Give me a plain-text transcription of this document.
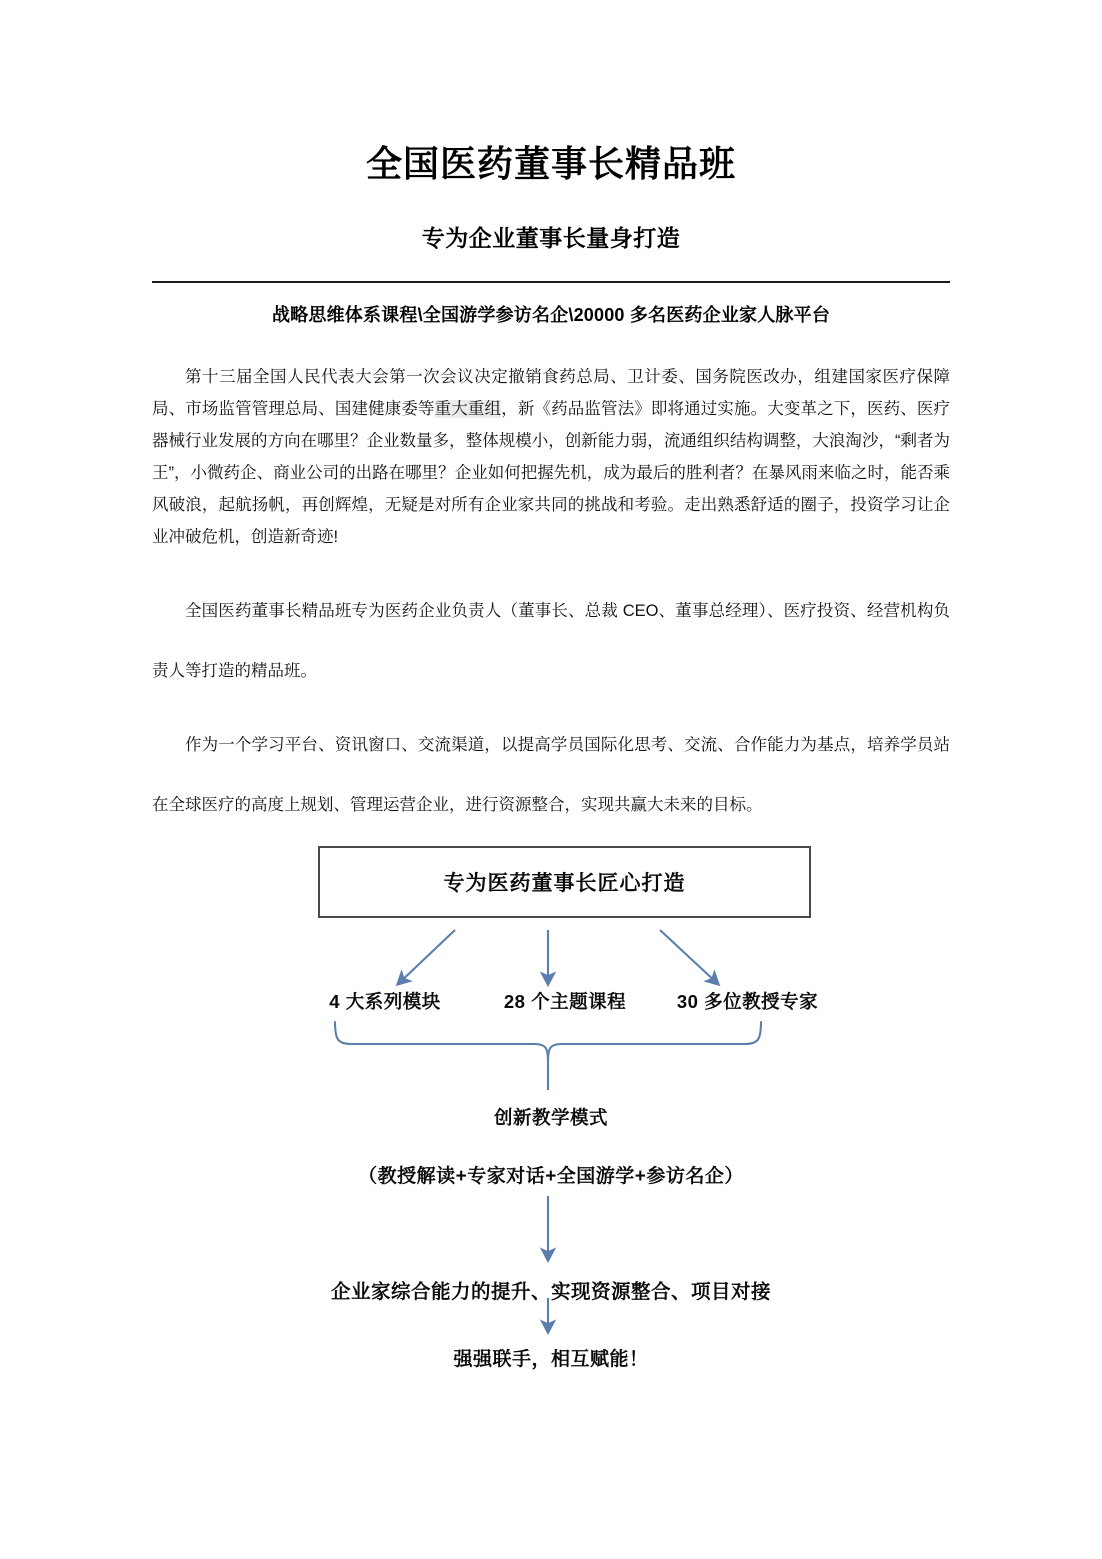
全国医药董事长精品班
专为企业董事长量身打造

战略思维体系课程\全国游学参访名企\20000 多名医药企业家人脉平台

第十三届全国人民代表大会第一次会议决定撤销食药总局、卫计委、国务院医改办，组建国家医疗保障局、市场监管管理总局、国建健康委等重大重组，新《药品监管法》即将通过实施。大变革之下，医药、医疗器械行业发展的方向在哪里？企业数量多，整体规模小，创新能力弱，流通组织结构调整，大浪淘沙，“剩者为王”，小微药企、商业公司的出路在哪里？企业如何把握先机，成为最后的胜利者？在暴风雨来临之时，能否乘风破浪，起航扬帆，再创辉煌，无疑是对所有企业家共同的挑战和考验。走出熟悉舒适的圈子，投资学习让企业冲破危机，创造新奇迹!

全国医药董事长精品班专为医药企业负责人（董事长、总裁 CEO、董事总经理）、医疗投资、经营机构负责人等打造的精品班。

作为一个学习平台、资讯窗口、交流渠道，以提高学员国际化思考、交流、合作能力为基点，培养学员站在全球医疗的高度上规划、管理运营企业，进行资源整合，实现共赢大未来的目标。

专为医药董事长匠心打造
4 大系列模块	28 个主题课程	30 多位教授专家
创新教学模式
（教授解读+专家对话+全国游学+参访名企）
企业家综合能力的提升、实现资源整合、项目对接
强强联手，相互赋能！
